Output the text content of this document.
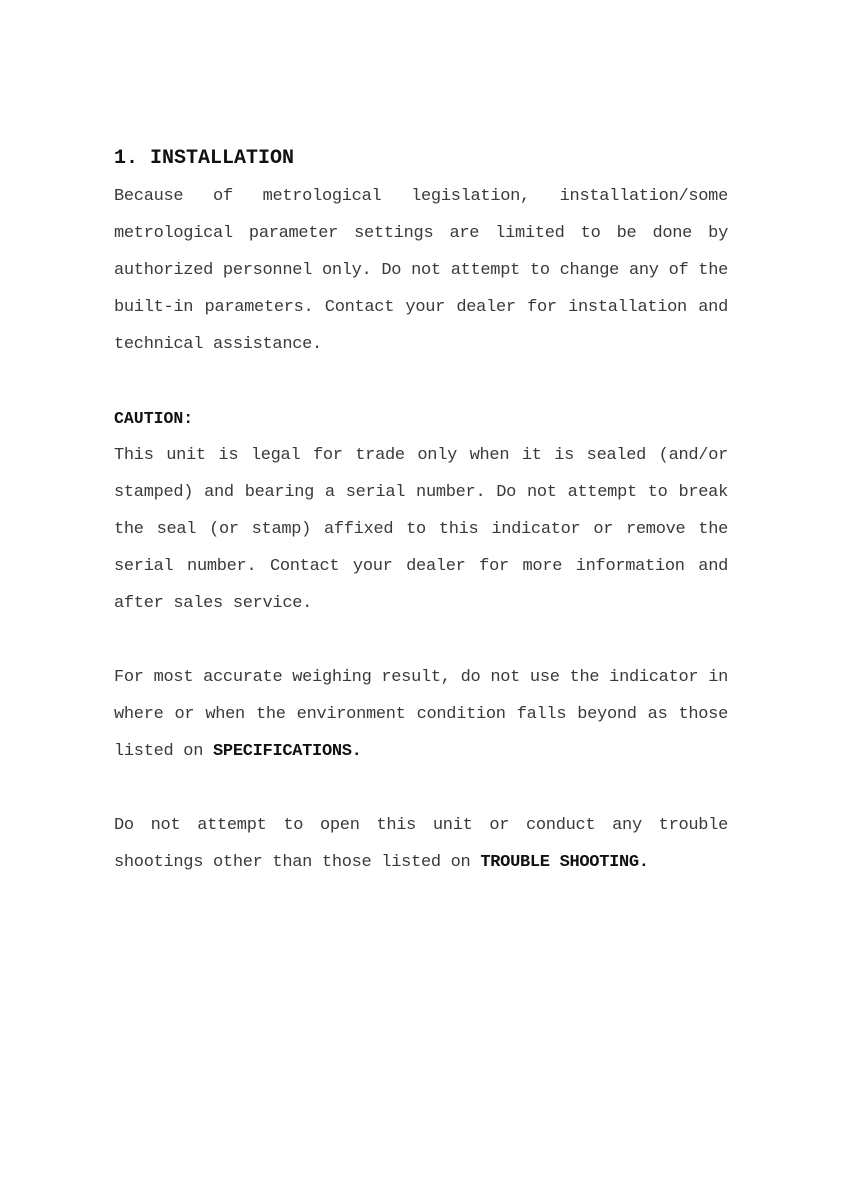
1. INSTALLATION

Because of metrological legislation, installation/some metrological parameter settings are limited to be done by authorized personnel only. Do not attempt to change any of the built-in parameters. Contact your dealer for installation and technical assistance.

CAUTION:

This unit is legal for trade only when it is sealed (and/or stamped) and bearing a serial number. Do not attempt to break the seal (or stamp) affixed to this indicator or remove the serial number. Contact your dealer for more information and after sales service.

For most accurate weighing result, do not use the indicator in where or when the environment condition falls beyond as those listed on SPECIFICATIONS.

Do not attempt to open this unit or conduct any trouble shootings other than those listed on TROUBLE SHOOTING.
